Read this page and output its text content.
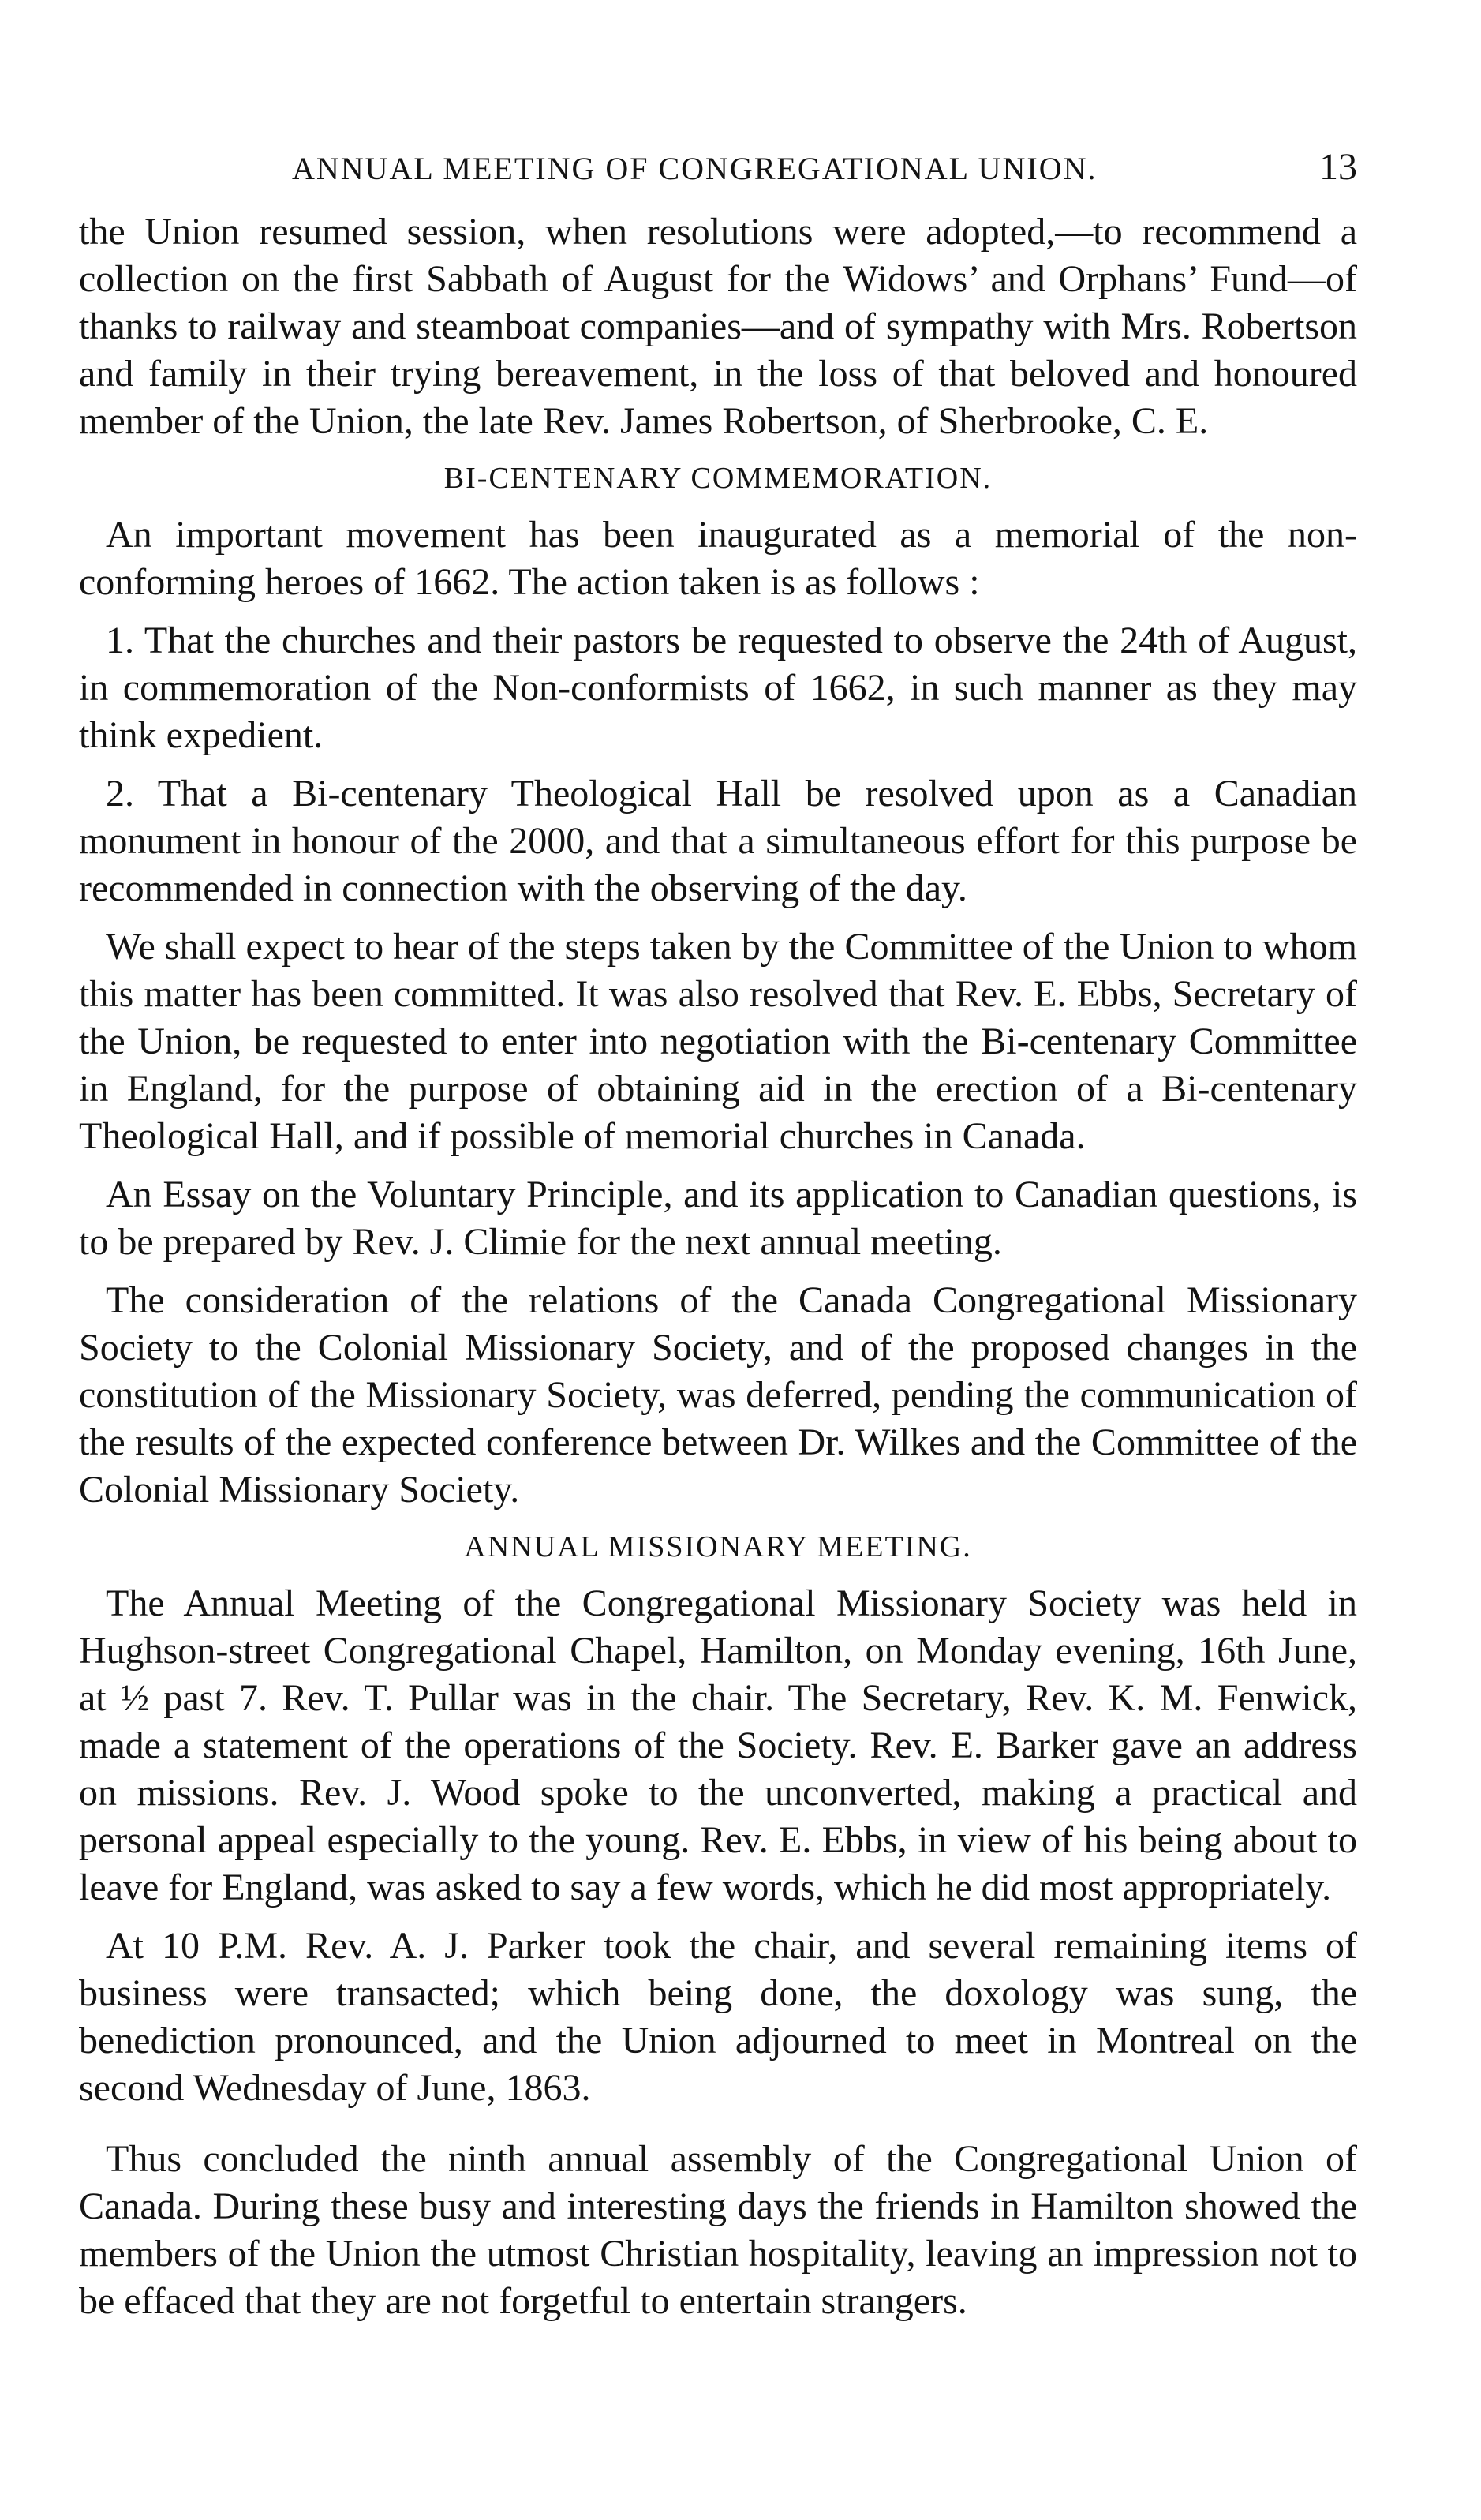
ANNUAL MEETING OF CONGREGATIONAL UNION.	13

the Union resumed session, when resolutions were adopted,—to recommend a collection on the first Sabbath of August for the Widows’ and Orphans’ Fund—of thanks to railway and steamboat companies—and of sympathy with Mrs. Robertson and family in their trying bereavement, in the loss of that beloved and honoured member of the Union, the late Rev. James Robertson, of Sherbrooke, C. E.

BI-CENTENARY COMMEMORATION.

An important movement has been inaugurated as a memorial of the non-conforming heroes of 1662. The action taken is as follows :

1. That the churches and their pastors be requested to observe the 24th of August, in commemoration of the Non-conformists of 1662, in such manner as they may think expedient.

2. That a Bi-centenary Theological Hall be resolved upon as a Canadian monument in honour of the 2000, and that a simultaneous effort for this purpose be recommended in connection with the observing of the day.

We shall expect to hear of the steps taken by the Committee of the Union to whom this matter has been committed. It was also resolved that Rev. E. Ebbs, Secretary of the Union, be requested to enter into negotiation with the Bi-centenary Committee in England, for the purpose of obtaining aid in the erection of a Bi-centenary Theological Hall, and if possible of memorial churches in Canada.

An Essay on the Voluntary Principle, and its application to Canadian questions, is to be prepared by Rev. J. Climie for the next annual meeting.

The consideration of the relations of the Canada Congregational Missionary Society to the Colonial Missionary Society, and of the proposed changes in the constitution of the Missionary Society, was deferred, pending the communication of the results of the expected conference between Dr. Wilkes and the Committee of the Colonial Missionary Society.

ANNUAL MISSIONARY MEETING.

The Annual Meeting of the Congregational Missionary Society was held in Hughson-street Congregational Chapel, Hamilton, on Monday evening, 16th June, at ½ past 7. Rev. T. Pullar was in the chair. The Secretary, Rev. K. M. Fenwick, made a statement of the operations of the Society. Rev. E. Barker gave an address on missions. Rev. J. Wood spoke to the unconverted, making a practical and personal appeal especially to the young. Rev. E. Ebbs, in view of his being about to leave for England, was asked to say a few words, which he did most appropriately.

At 10 P.M. Rev. A. J. Parker took the chair, and several remaining items of business were transacted; which being done, the doxology was sung, the benediction pronounced, and the Union adjourned to meet in Montreal on the second Wednesday of June, 1863.

Thus concluded the ninth annual assembly of the Congregational Union of Canada. During these busy and interesting days the friends in Hamilton showed the members of the Union the utmost Christian hospitality, leaving an impression not to be effaced that they are not forgetful to entertain strangers.
